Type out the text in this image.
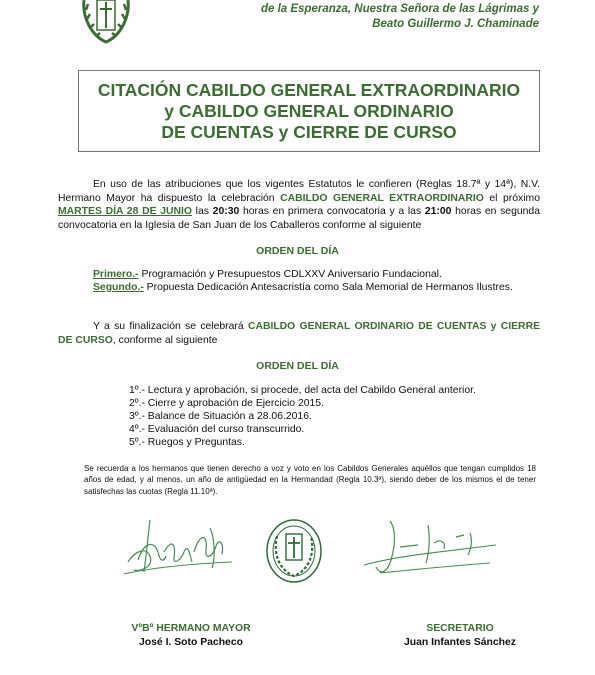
de la Esperanza, Nuestra Señora de las Lágrimas y
Beato Guillermo J. Chaminade
CITACIÓN CABILDO GENERAL EXTRAORDINARIO
y CABILDO GENERAL ORDINARIO
DE CUENTAS y CIERRE DE CURSO
En uso de las atribuciones que los vigentes Estatutos le confieren (Reglas 18.7ª y 14ª), N.V. Hermano Mayor ha dispuesto la celebración CABILDO GENERAL EXTRAORDINARIO el próximo MARTES DÍA 28 DE JUNIO las 20:30 horas en primera convocatoria y a las 21:00 horas en segunda convocatoria en la Iglesia de San Juan de los Caballeros conforme al siguiente
ORDEN DEL DÍA
Primero.- Programación y Presupuestos CDLXXV Aniversario Fundacional.
Segundo.- Propuesta Dedicación Antesacristía como Sala Memorial de Hermanos Ilustres.
Y a su finalización se celebrará CABILDO GENERAL ORDINARIO DE CUENTAS y CIERRE DE CURSO, conforme al siguiente
ORDEN DEL DÍA
1º.- Lectura y aprobación, si procede, del acta del Cabildo General anterior.
2º.- Cierre y aprobación de Ejercicio 2015.
3º.- Balance de Situación a 28.06.2016.
4º.- Evaluación del curso transcurrido.
5º.- Ruegos y Preguntas.
Se recuerda a los hermanos que tienen derecho a voz y voto en los Cabildos Generales aquéllos que tengan cumplidos 18 años de edad, y al menos, un año de antigüedad en la Hermandad (Regla 10.3ª), siendo deber de los mismos el de tener satisfechas las cuotas (Regla 11.10ª).
VºBº HERMANO MAYOR
José I. Soto Pacheco
SECRETARIO
Juan Infantes Sánchez
